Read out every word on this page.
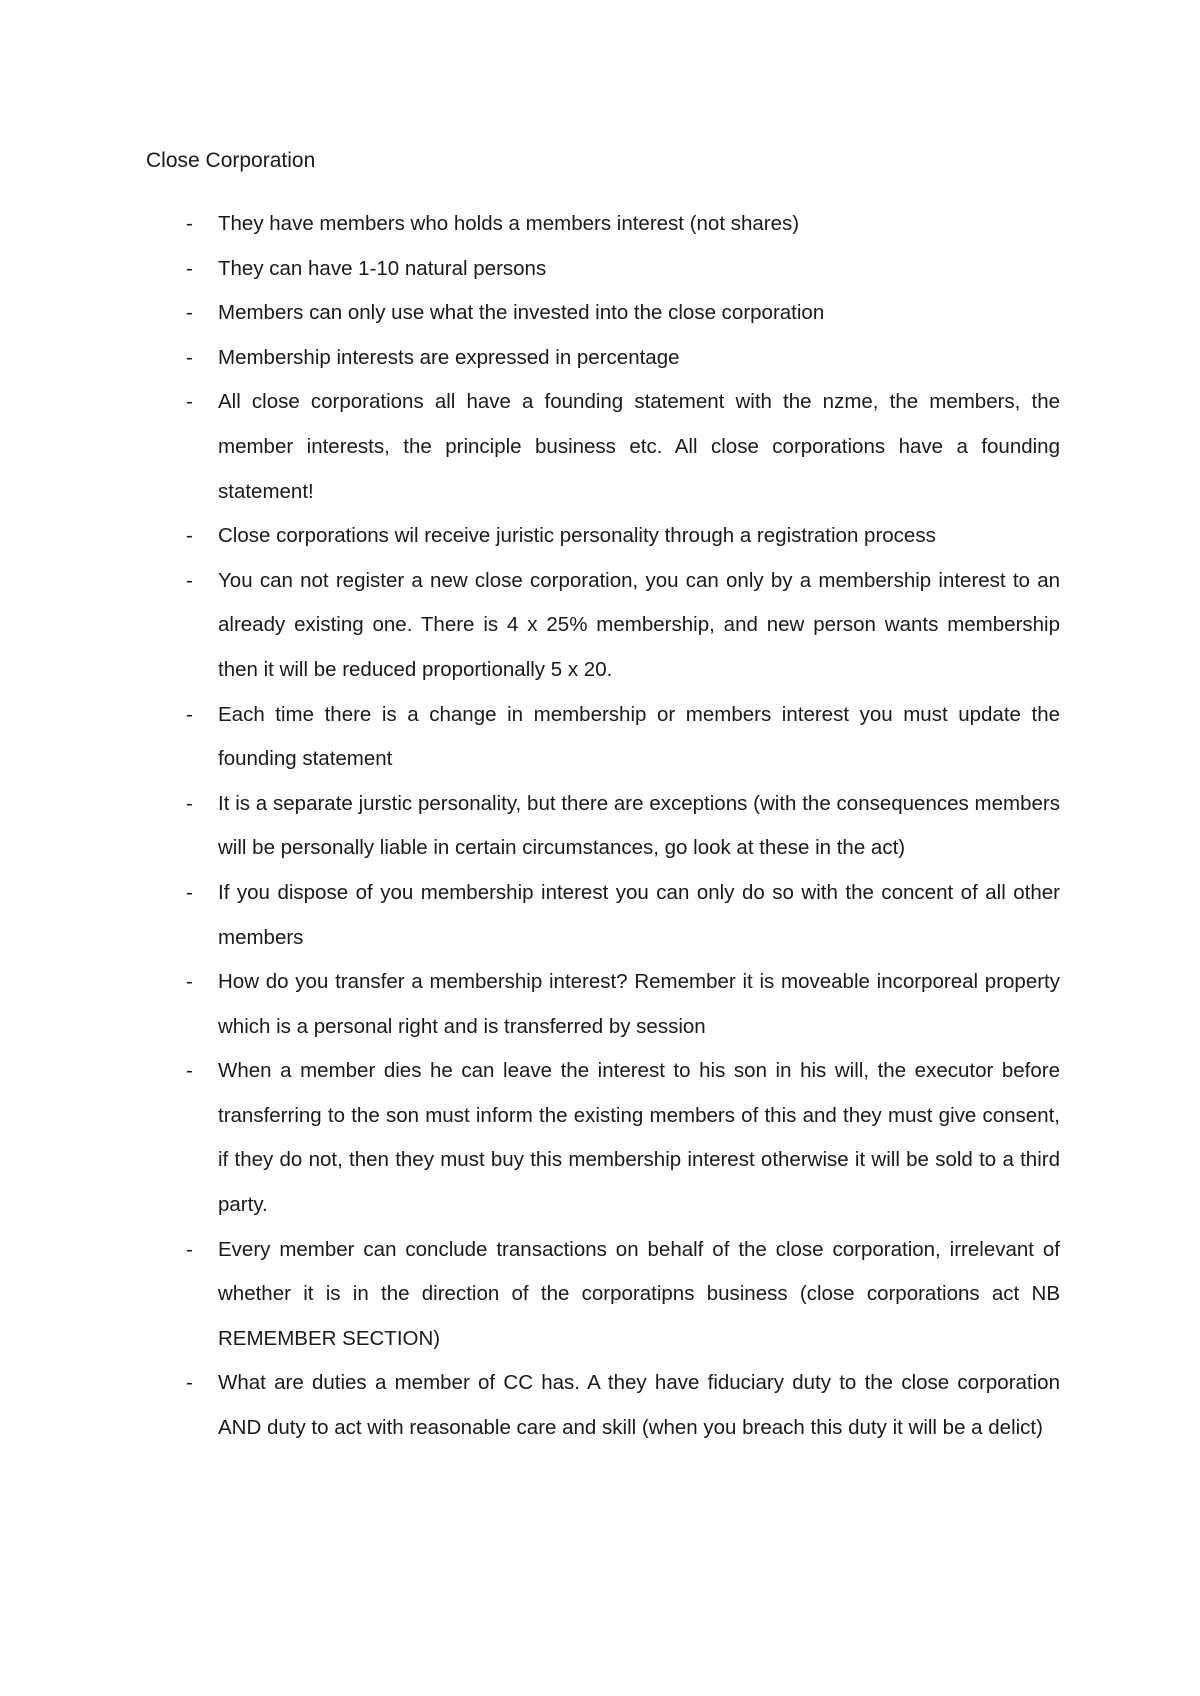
Close Corporation
- They have members who holds a members interest (not shares)
- They can have 1-10 natural persons
- Members can only use what the invested into the close corporation
- Membership interests are expressed in percentage
- All close corporations all have a founding statement with the nzme, the members, the member interests, the principle business etc. All close corporations have a founding statement!
- Close corporations wil receive juristic personality through a registration process
- You can not register a new close corporation, you can only by a membership interest to an already existing one. There is 4 x 25% membership, and new person wants membership then it will be reduced proportionally 5 x 20.
- Each time there is a change in membership or members interest you must update the founding statement
- It is a separate jurstic personality, but there are exceptions (with the consequences members will be personally liable in certain circumstances, go look at these in the act)
- If you dispose of you membership interest you can only do so with the concent of all other members
- How do you transfer a membership interest? Remember it is moveable incorporeal property which is a personal right and is transferred by session
- When a member dies he can leave the interest to his son in his will, the executor before transferring to the son must inform the existing members of this and they must give consent, if they do not, then they must buy this membership interest otherwise it will be sold to a third party.
- Every member can conclude transactions on behalf of the close corporation, irrelevant of whether it is in the direction of the corporatipns business (close corporations act NB REMEMBER SECTION)
- What are duties a member of CC has. A they have fiduciary duty to the close corporation AND duty to act with reasonable care and skill (when you breach this duty it will be a delict)
